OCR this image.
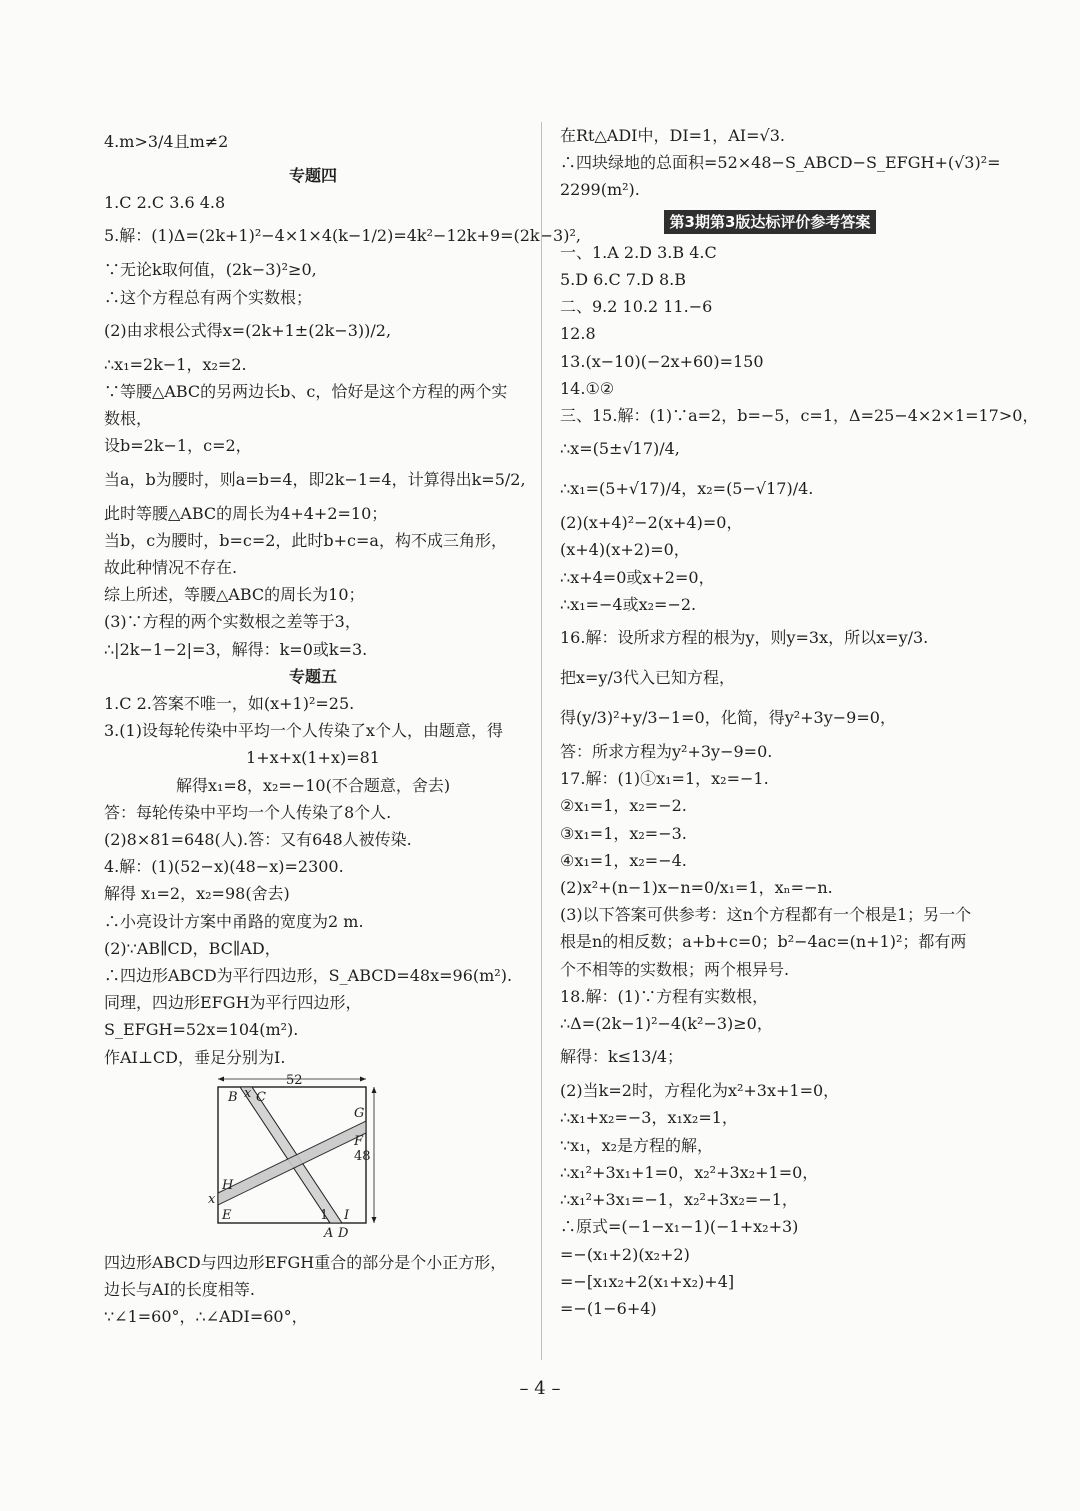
4.m>3/4且m≠2
专题四
1.C 2.C 3.6 4.8
5.解：(1)Δ=(2k+1)²−4×1×4(k−1/2)=4k²−12k+9=(2k−3)²,
∵无论k取何值，(2k−3)²≥0,
∴这个方程总有两个实数根；
(2)由求根公式得x=(2k+1±(2k−3))/2,
∴x₁=2k−1，x₂=2.
∵等腰△ABC的另两边长b、c，恰好是这个方程的两个实数根，
设b=2k−1，c=2，
当a，b为腰时，则a=b=4，即2k−1=4，计算得出k=5/2,
此时等腰△ABC的周长为4+4+2=10；
当b，c为腰时，b=c=2，此时b+c=a，构不成三角形，
故此种情况不存在.
综上所述，等腰△ABC的周长为10；
(3)∵方程的两个实数根之差等于3，
∴|2k−1−2|=3，解得：k=0或k=3.
专题五
1.C 2.答案不唯一，如(x+1)²=25.
3.(1)设每轮传染中平均一个人传染了x个人，由题意，得
1+x+x(1+x)=81
解得x₁=8，x₂=−10(不合题意，舍去)
答：每轮传染中平均一个人传染了8个人.
(2)8×81=648(人).答：又有648人被传染.
4.解：(1)(52−x)(48−x)=2300.
解得 x₁=2，x₂=98(舍去)
∴小亮设计方案中甬路的宽度为2 m.
(2)∵AB∥CD，BC∥AD，
∴四边形ABCD为平行四边形，S_ABCD=48x=96(m²).
同理，四边形EFGH为平行四边形，
S_EFGH=52x=104(m²).
作AI⊥CD，垂足分别为I.
52
48
x
x
1
B C
G
F
H
E
A D
I
四边形ABCD与四边形EFGH重合的部分是个小正方形，边长与AI的长度相等.
∵∠1=60°，∴∠ADI=60°，
在Rt△ADI中，DI=1，AI=√3.
∴四块绿地的总面积=52×48−S_ABCD−S_EFGH+(√3)²=
2299(m²).
第3期第3版达标评价参考答案
一、1.A 2.D 3.B 4.C
5.D 6.C 7.D 8.B
二、9.2 10.2 11.−6
12.8
13.(x−10)(−2x+60)=150
14.①②
三、15.解：(1)∵a=2，b=−5，c=1，Δ=25−4×2×1=17>0，
∴x=(5±√17)/4,
∴x₁=(5+√17)/4，x₂=(5−√17)/4.
(2)(x+4)²−2(x+4)=0，
(x+4)(x+2)=0，
∴x+4=0或x+2=0，
∴x₁=−4或x₂=−2.
16.解：设所求方程的根为y，则y=3x，所以x=y/3.
把x=y/3代入已知方程，
得(y/3)²+y/3−1=0，化简，得y²+3y−9=0，
答：所求方程为y²+3y−9=0.
17.解：(1)①x₁=1，x₂=−1.
②x₁=1，x₂=−2.
③x₁=1，x₂=−3.
④x₁=1，x₂=−4.
(2)x²+(n−1)x−n=0/x₁=1，xₙ=−n.
(3)以下答案可供参考：这n个方程都有一个根是1；另一个根是n的相反数；a+b+c=0；b²−4ac=(n+1)²；都有两个不相等的实数根；两个根异号.
18.解：(1)∵方程有实数根，
∴Δ=(2k−1)²−4(k²−3)≥0，
解得：k≤13/4；
(2)当k=2时，方程化为x²+3x+1=0，
∴x₁+x₂=−3，x₁x₂=1，
∵x₁，x₂是方程的解，
∴x₁²+3x₁+1=0，x₂²+3x₂+1=0，
∴x₁²+3x₁=−1，x₂²+3x₂=−1，
∴原式=(−1−x₁−1)(−1+x₂+3)
=−(x₁+2)(x₂+2)
=−[x₁x₂+2(x₁+x₂)+4]
=−(1−6+4)
– 4 –
